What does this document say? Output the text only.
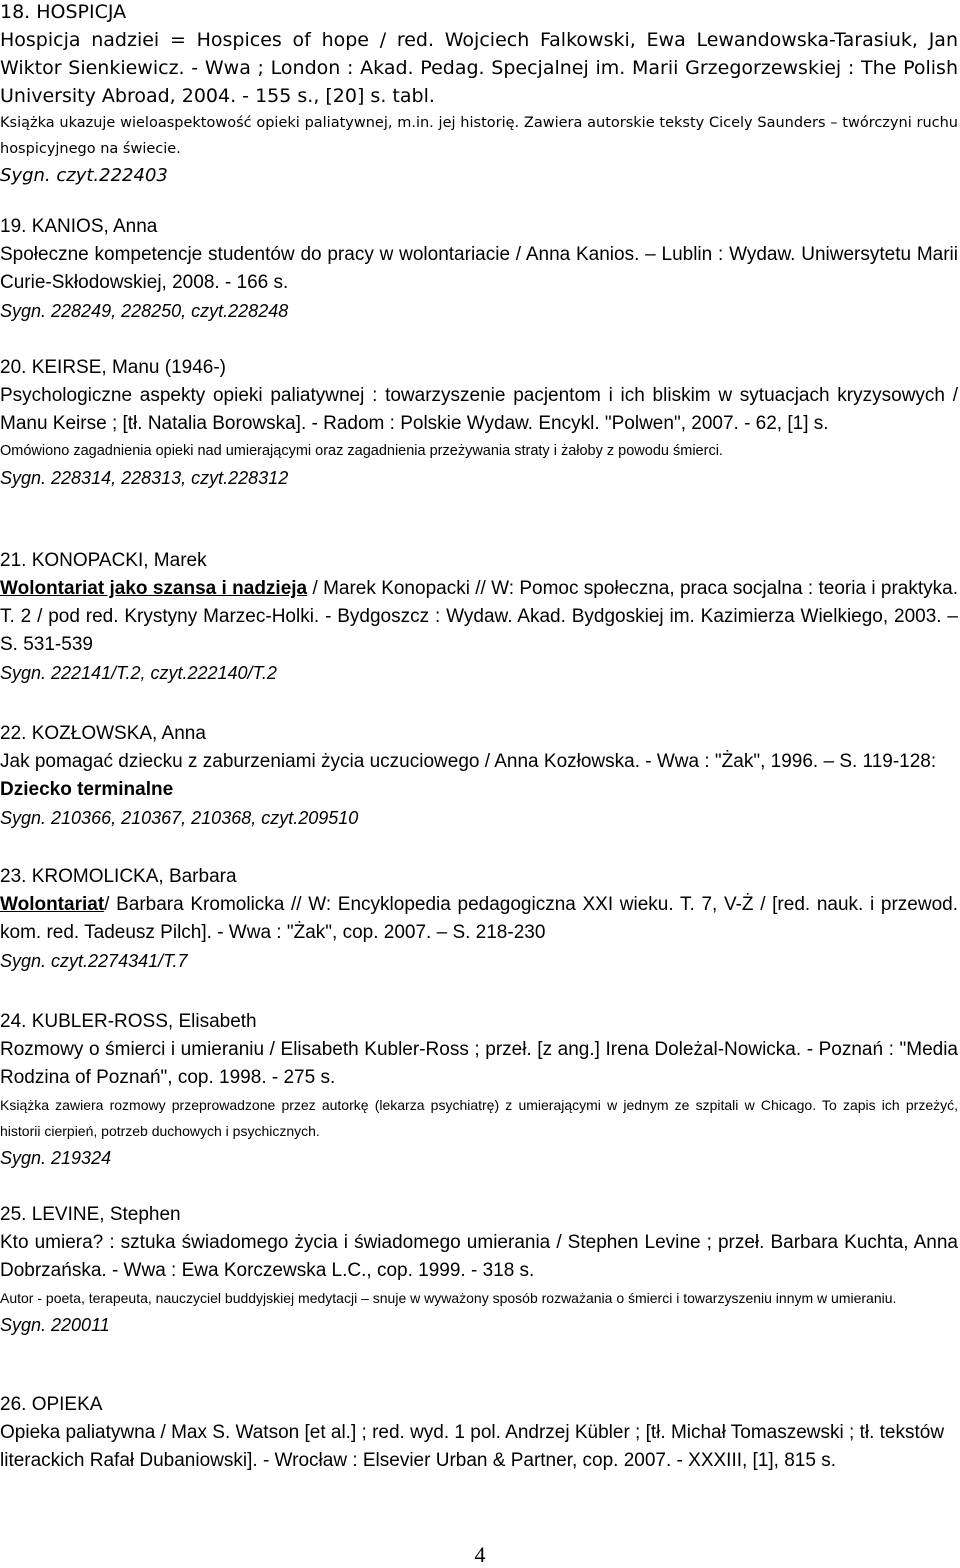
18. HOSPICJA
Hospicja nadziei = Hospices of hope / red. Wojciech Falkowski, Ewa Lewandowska-Tarasiuk, Jan Wiktor Sienkiewicz. - Wwa ; London : Akad. Pedag. Specjalnej im. Marii Grzegorzewskiej : The Polish University Abroad, 2004. - 155 s., [20] s. tabl.
Książka ukazuje wieloaspektowość opieki paliatywnej, m.in. jej historię. Zawiera autorskie teksty Cicely Saunders – twórczyni ruchu hospicyjnego na świecie.
Sygn. czyt.222403
19. KANIOS, Anna
Społeczne kompetencje studentów do pracy w wolontariacie / Anna Kanios. – Lublin : Wydaw. Uniwersytetu Marii Curie-Skłodowskiej, 2008. - 166 s.
Sygn. 228249, 228250, czyt.228248
20. KEIRSE, Manu (1946-)
Psychologiczne aspekty opieki paliatywnej : towarzyszenie pacjentom i ich bliskim w sytuacjach kryzysowych / Manu Keirse ; [tł. Natalia Borowska]. - Radom : Polskie Wydaw. Encykl. "Polwen", 2007. - 62, [1] s.
Omówiono zagadnienia opieki nad umierającymi oraz zagadnienia przeżywania straty i żałoby z powodu śmierci.
Sygn. 228314, 228313, czyt.228312
21. KONOPACKI, Marek
Wolontariat jako szansa i nadzieja / Marek Konopacki // W: Pomoc społeczna, praca socjalna : teoria i praktyka. T. 2 / pod red. Krystyny Marzec-Holki. - Bydgoszcz : Wydaw. Akad. Bydgoskiej im. Kazimierza Wielkiego, 2003. – S. 531-539
Sygn. 222141/T.2, czyt.222140/T.2
22. KOZŁOWSKA, Anna
Jak pomagać dziecku z zaburzeniami życia uczuciowego / Anna Kozłowska. - Wwa : "Żak", 1996. – S. 119-128: Dziecko terminalne
Sygn. 210366, 210367, 210368, czyt.209510
23. KROMOLICKA, Barbara
Wolontariat/ Barbara Kromolicka // W: Encyklopedia pedagogiczna XXI wieku. T. 7, V-Ż / [red. nauk. i przewod. kom. red. Tadeusz Pilch]. - Wwa : "Żak", cop. 2007. – S. 218-230
Sygn. czyt.2274341/T.7
24. KUBLER-ROSS, Elisabeth
Rozmowy o śmierci i umieraniu / Elisabeth Kubler-Ross ; przeł. [z ang.] Irena Doleżal-Nowicka. - Poznań : "Media Rodzina of Poznań", cop. 1998. - 275 s.
Książka zawiera rozmowy przeprowadzone przez autorkę (lekarza psychiatrę) z umierającymi w jednym ze szpitali w Chicago. To zapis ich przeżyć, historii cierpień, potrzeb duchowych i psychicznych.
Sygn. 219324
25. LEVINE, Stephen
Kto umiera? : sztuka świadomego życia i świadomego umierania / Stephen Levine ; przeł. Barbara Kuchta, Anna Dobrzańska. - Wwa : Ewa Korczewska L.C., cop. 1999. - 318 s.
Autor - poeta, terapeuta, nauczyciel buddyjskiej medytacji – snuje w wyważony sposób rozważania o śmierci i towarzyszeniu innym w umieraniu.
Sygn. 220011
26. OPIEKA
Opieka paliatywna / Max S. Watson [et al.] ; red. wyd. 1 pol. Andrzej Kübler ; [tł. Michał Tomaszewski ; tł. tekstów literackich Rafał Dubaniowski]. - Wrocław : Elsevier Urban & Partner, cop. 2007. - XXXIII, [1], 815 s.
4
